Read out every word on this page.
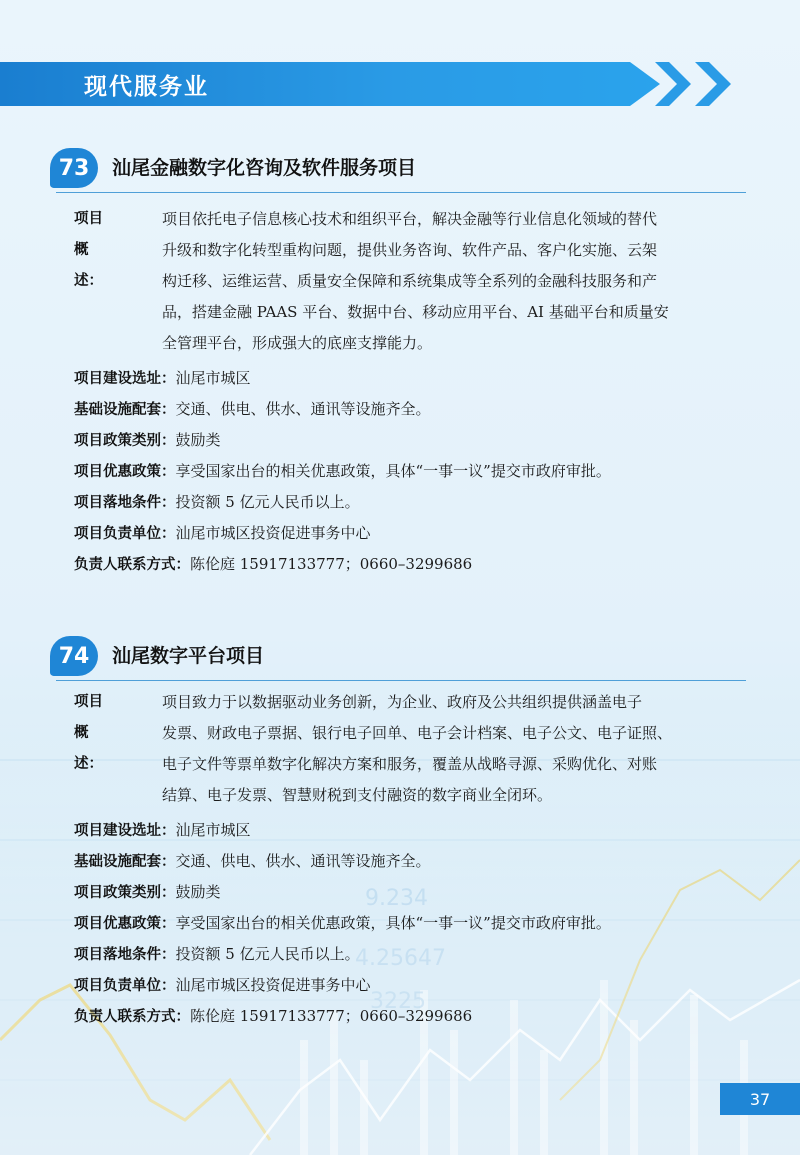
现代服务业
73	汕尾金融数字化咨询及软件服务项目
项目概述：
项目依托电子信息核心技术和组织平台，解决金融等行业信息化领域的替代
升级和数字化转型重构问题，提供业务咨询、软件产品、客户化实施、云架
构迁移、运维运营、质量安全保障和系统集成等全系列的金融科技服务和产
品，搭建金融 PAAS 平台、数据中台、移动应用平台、AI 基础平台和质量安
全管理平台，形成强大的底座支撑能力。
项目建设选址：汕尾市城区
基础设施配套：交通、供电、供水、通讯等设施齐全。
项目政策类别：鼓励类
项目优惠政策：享受国家出台的相关优惠政策，具体“一事一议”提交市政府审批。
项目落地条件：投资额 5 亿元人民币以上。
项目负责单位：汕尾市城区投资促进事务中心
负责人联系方式：陈伦庭 15917133777；0660–3299686
74	汕尾数字平台项目
项目概述：
项目致力于以数据驱动业务创新，为企业、政府及公共组织提供涵盖电子
发票、财政电子票据、银行电子回单、电子会计档案、电子公文、电子证照、
电子文件等票单数字化解决方案和服务，覆盖从战略寻源、采购优化、对账
结算、电子发票、智慧财税到支付融资的数字商业全闭环。
项目建设选址：汕尾市城区
基础设施配套：交通、供电、供水、通讯等设施齐全。
项目政策类别：鼓励类
项目优惠政策：享受国家出台的相关优惠政策，具体“一事一议”提交市政府审批。
项目落地条件：投资额 5 亿元人民币以上。
项目负责单位：汕尾市城区投资促进事务中心
负责人联系方式：陈伦庭 15917133777；0660–3299686
37
